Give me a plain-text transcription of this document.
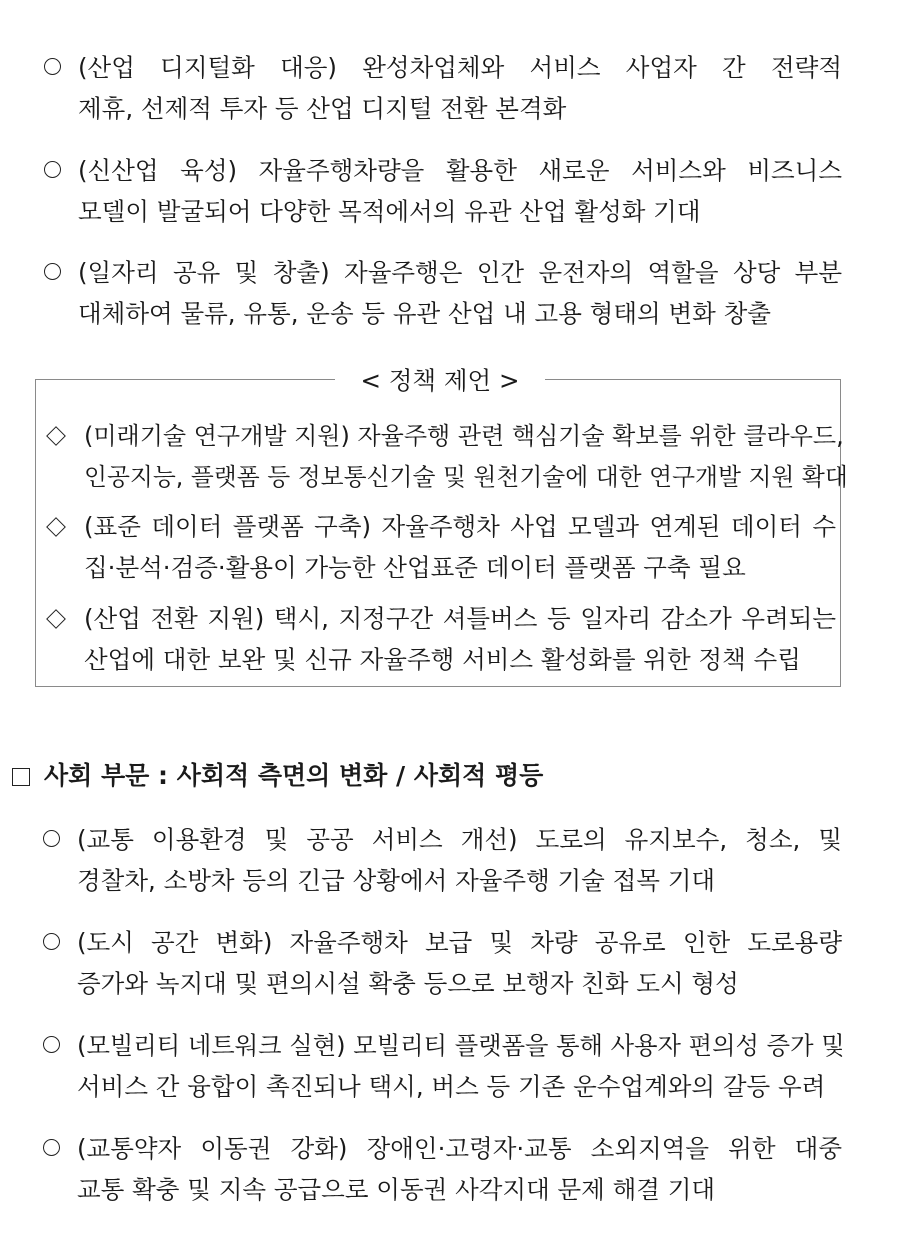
(산업 디지털화 대응) 완성차업체와 서비스 사업자 간 전략적

제휴, 선제적 투자 등 산업 디지털 전환 본격화

(신산업 육성) 자율주행차량을 활용한 새로운 서비스와 비즈니스

모델이 발굴되어 다양한 목적에서의 유관 산업 활성화 기대

(일자리 공유 및 창출) 자율주행은 인간 운전자의 역할을 상당 부분

대체하여 물류, 유통, 운송 등 유관 산업 내 고용 형태의 변화 창출

< 정책 제언 >

(미래기술 연구개발 지원) 자율주행 관련 핵심기술 확보를 위한 클라우드,

인공지능, 플랫폼 등 정보통신기술 및 원천기술에 대한 연구개발 지원 확대

(표준 데이터 플랫폼 구축) 자율주행차 사업 모델과 연계된 데이터 수

집·분석·검증·활용이 가능한 산업표준 데이터 플랫폼 구축 필요

(산업 전환 지원) 택시, 지정구간 셔틀버스 등 일자리 감소가 우려되는

산업에 대한 보완 및 신규 자율주행 서비스 활성화를 위한 정책 수립

사회 부문 : 사회적 측면의 변화 / 사회적 평등

(교통 이용환경 및 공공 서비스 개선) 도로의 유지보수, 청소, 및

경찰차, 소방차 등의 긴급 상황에서 자율주행 기술 접목 기대

(도시 공간 변화) 자율주행차 보급 및 차량 공유로 인한 도로용량

증가와 녹지대 및 편의시설 확충 등으로 보행자 친화 도시 형성

(모빌리티 네트워크 실현) 모빌리티 플랫폼을 통해 사용자 편의성 증가 및

서비스 간 융합이 촉진되나 택시, 버스 등 기존 운수업계와의 갈등 우려

(교통약자 이동권 강화) 장애인·고령자·교통 소외지역을 위한 대중

교통 확충 및 지속 공급으로 이동권 사각지대 문제 해결 기대
